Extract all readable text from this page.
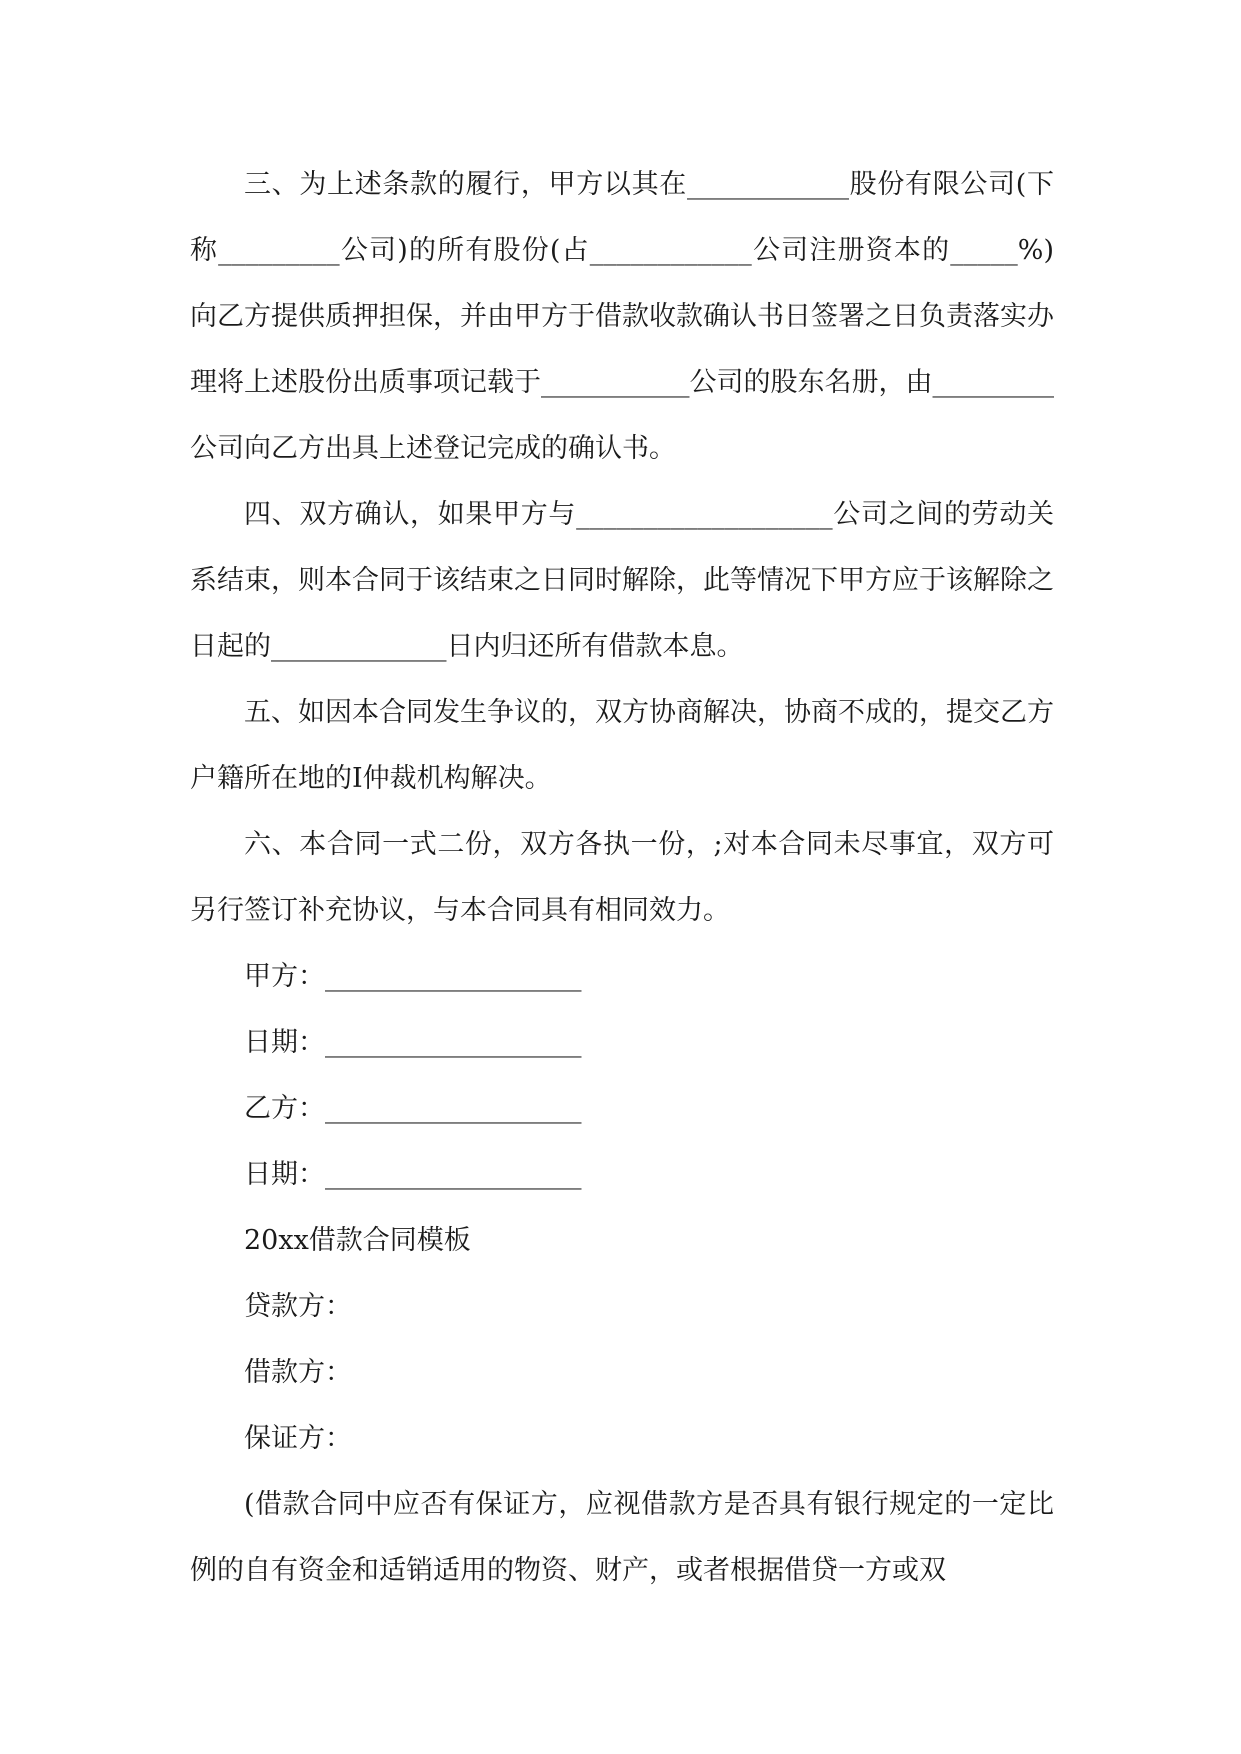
三、为上述条款的履行，甲方以其在____________股份有限公司(下称_________公司)的所有股份(占____________公司注册资本的_____%)向乙方提供质押担保，并由甲方于借款收款确认书日签署之日负责落实办理将上述股份出质事项记载于___________公司的股东名册，由_________公司向乙方出具上述登记完成的确认书。

四、双方确认，如果甲方与___________________公司之间的劳动关系结束，则本合同于该结束之日同时解除，此等情况下甲方应于该解除之日起的_____________日内归还所有借款本息。

五、如因本合同发生争议的，双方协商解决，协商不成的，提交乙方户籍所在地的I仲裁机构解决。

六、本合同一式二份，双方各执一份，;对本合同未尽事宜，双方可另行签订补充协议，与本合同具有相同效力。

甲方：___________________

日期：___________________

乙方：___________________

日期：___________________

20xx借款合同模板

贷款方：

借款方：

保证方：

(借款合同中应否有保证方，应视借款方是否具有银行规定的一定比例的自有资金和适销适用的物资、财产，或者根据借贷一方或双
